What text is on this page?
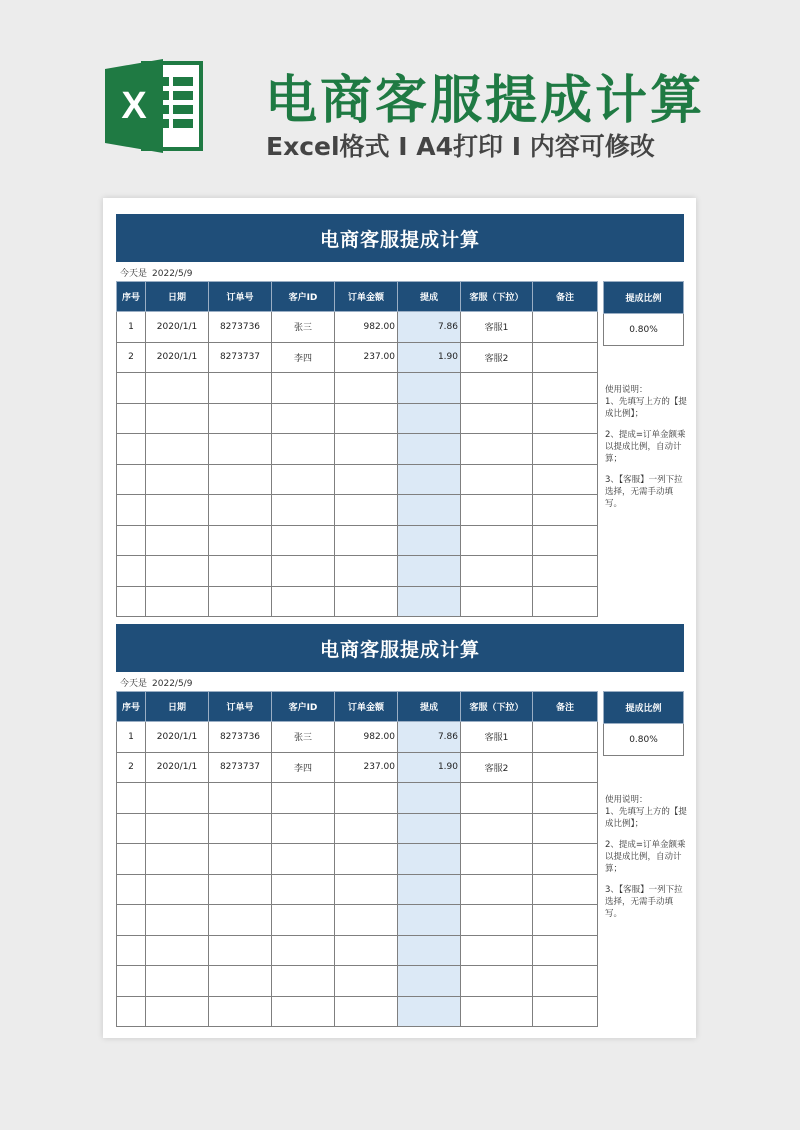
X 电商客服提成计算
Excel格式 I A4打印 I 内容可修改
电商客服提成计算
今天是 2022/5/9
序号	日期	订单号	客户ID	订单金额	提成	客服（下拉）	备注
1	2020/1/1	8273736	张三	982.00	7.86	客服1	
2	2020/1/1	8273737	李四	237.00	1.90	客服2	

提成比例
0.80%

使用说明：

1、先填写上方的【提成比例】；

2、提成=订单金额乘以提成比例，自动计算；

3、【客服】一列下拉选择，无需手动填写。

电商客服提成计算
今天是 2022/5/9
序号	日期	订单号	客户ID	订单金额	提成	客服（下拉）	备注
1	2020/1/1	8273736	张三	982.00	7.86	客服1	
2	2020/1/1	8273737	李四	237.00	1.90	客服2	

提成比例
0.80%

使用说明：

1、先填写上方的【提成比例】；

2、提成=订单金额乘以提成比例，自动计算；

3、【客服】一列下拉选择，无需手动填写。
